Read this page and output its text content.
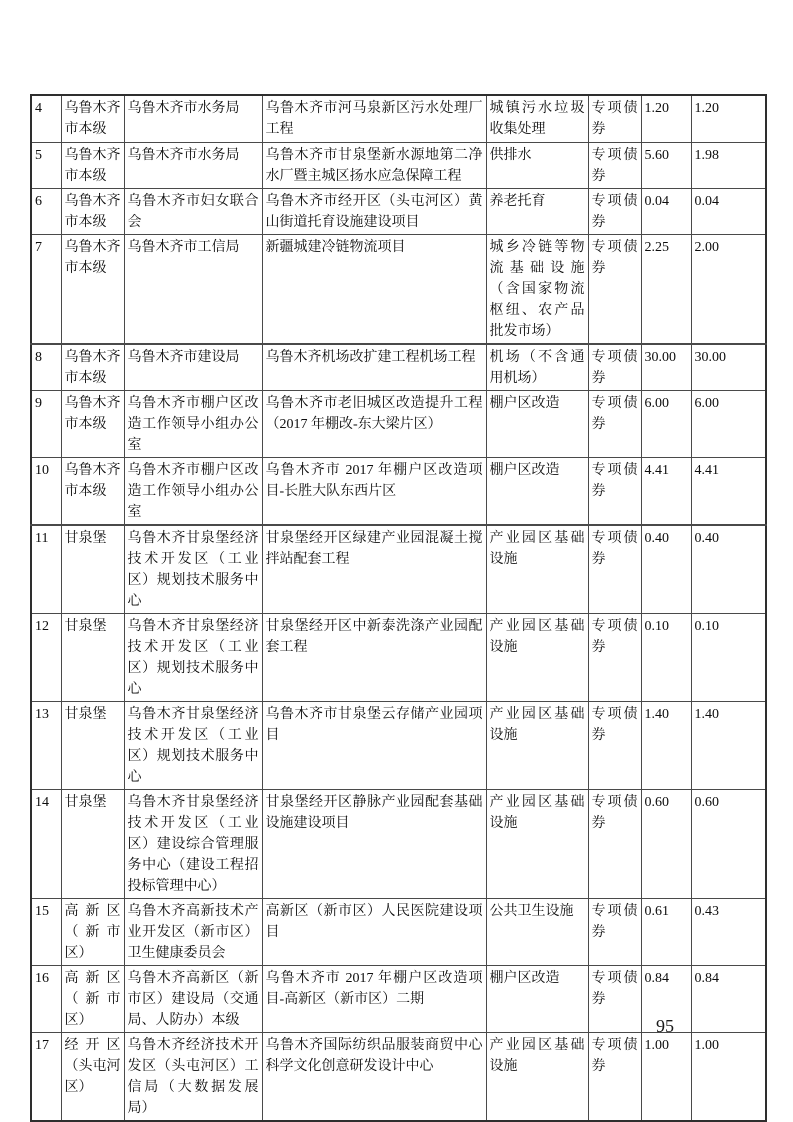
4	乌鲁木齐市本级	乌鲁木齐市水务局	乌鲁木齐市河马泉新区污水处理厂工程	城镇污水垃圾收集处理	专项债券	1.20	1.20
5	乌鲁木齐市本级	乌鲁木齐市水务局	乌鲁木齐市甘泉堡新水源地第二净水厂暨主城区扬水应急保障工程	供排水	专项债券	5.60	1.98
6	乌鲁木齐市本级	乌鲁木齐市妇女联合会	乌鲁木齐市经开区（头屯河区）黄山街道托育设施建设项目	养老托育	专项债券	0.04	0.04
7	乌鲁木齐市本级	乌鲁木齐市工信局	新疆城建冷链物流项目	城乡冷链等物流基础设施（含国家物流枢纽、农产品批发市场）	专项债券	2.25	2.00
8	乌鲁木齐市本级	乌鲁木齐市建设局	乌鲁木齐机场改扩建工程机场工程	机场（不含通用机场）	专项债券	30.00	30.00
9	乌鲁木齐市本级	乌鲁木齐市棚户区改造工作领导小组办公室	乌鲁木齐市老旧城区改造提升工程（2017 年棚改-东大梁片区）	棚户区改造	专项债券	6.00	6.00
10	乌鲁木齐市本级	乌鲁木齐市棚户区改造工作领导小组办公室	乌鲁木齐市 2017 年棚户区改造项目-长胜大队东西片区	棚户区改造	专项债券	4.41	4.41
11	甘泉堡	乌鲁木齐甘泉堡经济技术开发区（工业区）规划技术服务中心	甘泉堡经开区绿建产业园混凝土搅拌站配套工程	产业园区基础设施	专项债券	0.40	0.40
12	甘泉堡	乌鲁木齐甘泉堡经济技术开发区（工业区）规划技术服务中心	甘泉堡经开区中新泰洗涤产业园配套工程	产业园区基础设施	专项债券	0.10	0.10
13	甘泉堡	乌鲁木齐甘泉堡经济技术开发区（工业区）规划技术服务中心	乌鲁木齐市甘泉堡云存储产业园项目	产业园区基础设施	专项债券	1.40	1.40
14	甘泉堡	乌鲁木齐甘泉堡经济技术开发区（工业区）建设综合管理服务中心（建设工程招投标管理中心）	甘泉堡经开区静脉产业园配套基础设施建设项目	产业园区基础设施	专项债券	0.60	0.60
15	高 新 区（ 新 市 区）	乌鲁木齐高新技术产业开发区（新市区）卫生健康委员会	高新区（新市区）人民医院建设项目	公共卫生设施	专项债券	0.61	0.43
16	高 新 区（ 新 市 区）	乌鲁木齐高新区（新市区）建设局（交通局、人防办）本级	乌鲁木齐市 2017 年棚户区改造项目-高新区（新市区）二期	棚户区改造	专项债券	0.84	0.84
17	经 开 区（头屯河区）	乌鲁木齐经济技术开发区（头屯河区）工信局（大数据发展局）	乌鲁木齐国际纺织品服装商贸中心科学文化创意研发设计中心	产业园区基础设施	专项债券	1.00	1.00
95
